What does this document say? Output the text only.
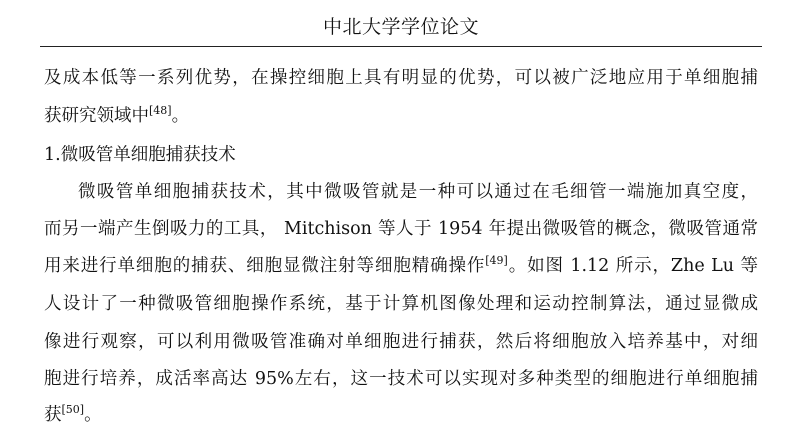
中北大学学位论文
及成本低等一系列优势，在操控细胞上具有明显的优势，可以被广泛地应用于单细胞捕
获研究领域中[48]。
1.微吸管单细胞捕获技术
微吸管单细胞捕获技术，其中微吸管就是一种可以通过在毛细管一端施加真空度，
而另一端产生倒吸力的工具， Mitchison 等人于 1954 年提出微吸管的概念，微吸管通常
用来进行单细胞的捕获、细胞显微注射等细胞精确操作[49]。如图 1.12 所示，Zhe Lu 等
人设计了一种微吸管细胞操作系统，基于计算机图像处理和运动控制算法，通过显微成
像进行观察，可以利用微吸管准确对单细胞进行捕获，然后将细胞放入培养基中，对细
胞进行培养，成活率高达 95%左右，这一技术可以实现对多种类型的细胞进行单细胞捕
获[50]。
